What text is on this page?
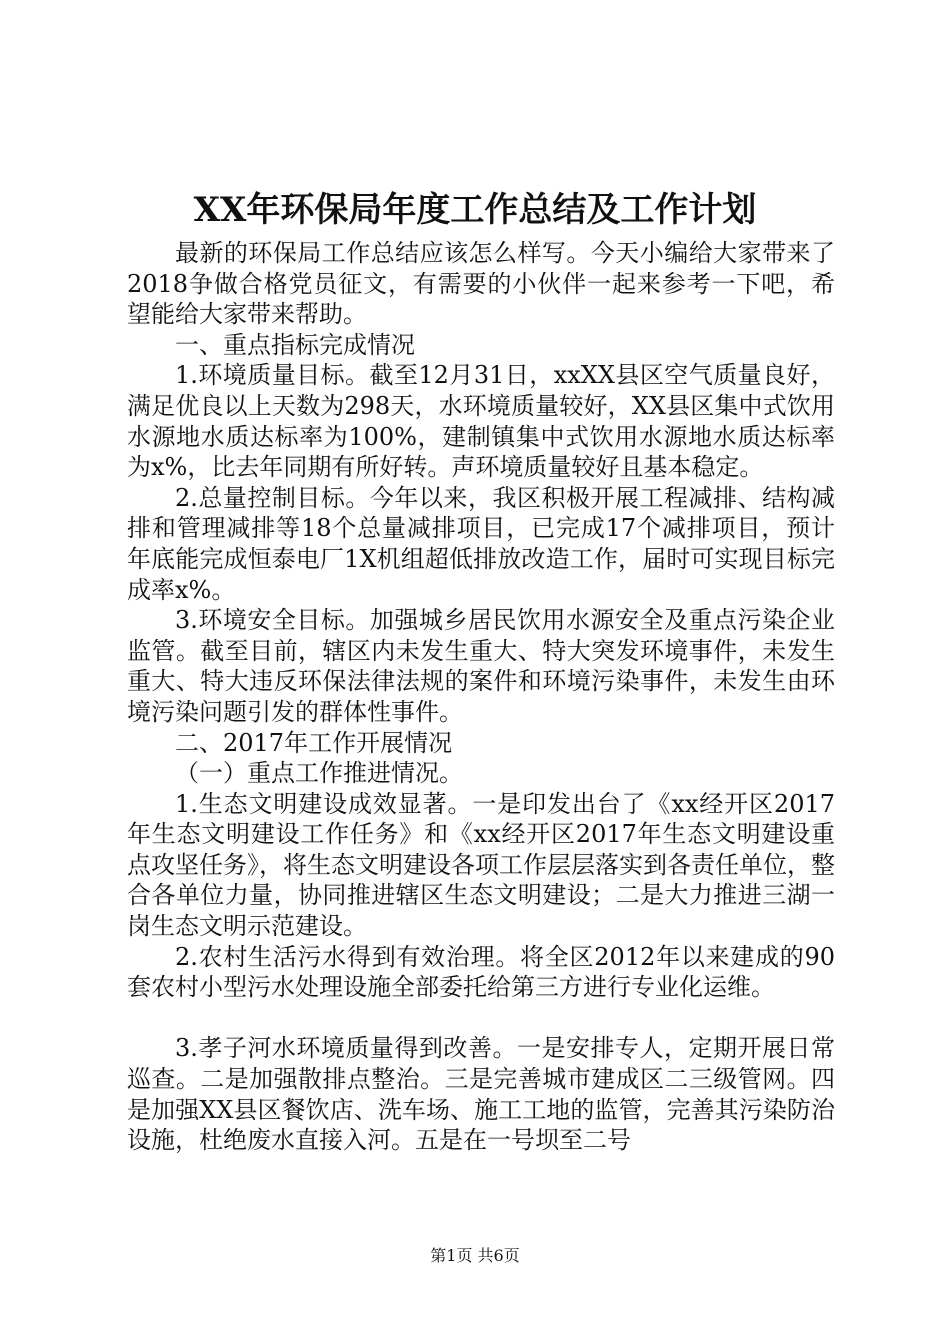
XX年环保局年度工作总结及工作计划

最新的环保局工作总结应该怎么样写。今天小编给大家带来了2018争做合格党员征文，有需要的小伙伴一起来参考一下吧，希望能给大家带来帮助。

一、重点指标完成情况

1.环境质量目标。截至12月31日，xxXX县区空气质量良好，满足优良以上天数为298天，水环境质量较好，XX县区集中式饮用水源地水质达标率为100%，建制镇集中式饮用水源地水质达标率为x%，比去年同期有所好转。声环境质量较好且基本稳定。

2.总量控制目标。今年以来，我区积极开展工程减排、结构减排和管理减排等18个总量减排项目，已完成17个减排项目，预计年底能完成恒泰电厂1X机组超低排放改造工作，届时可实现目标完成率x%。

3.环境安全目标。加强城乡居民饮用水源安全及重点污染企业监管。截至目前，辖区内未发生重大、特大突发环境事件，未发生重大、特大违反环保法律法规的案件和环境污染事件，未发生由环境污染问题引发的群体性事件。

二、2017年工作开展情况

（一）重点工作推进情况。

1.生态文明建设成效显著。一是印发出台了《xx经开区2017年生态文明建设工作任务》和《xx经开区2017年生态文明建设重点攻坚任务》，将生态文明建设各项工作层层落实到各责任单位，整合各单位力量，协同推进辖区生态文明建设；二是大力推进三湖一岗生态文明示范建设。

2.农村生活污水得到有效治理。将全区2012年以来建成的90套农村小型污水处理设施全部委托给第三方进行专业化运维。

3.孝子河水环境质量得到改善。一是安排专人，定期开展日常巡查。二是加强散排点整治。三是完善城市建成区二三级管网。四是加强XX县区餐饮店、洗车场、施工工地的监管，完善其污染防治设施，杜绝废水直接入河。五是在一号坝至二号

第1页 共6页
